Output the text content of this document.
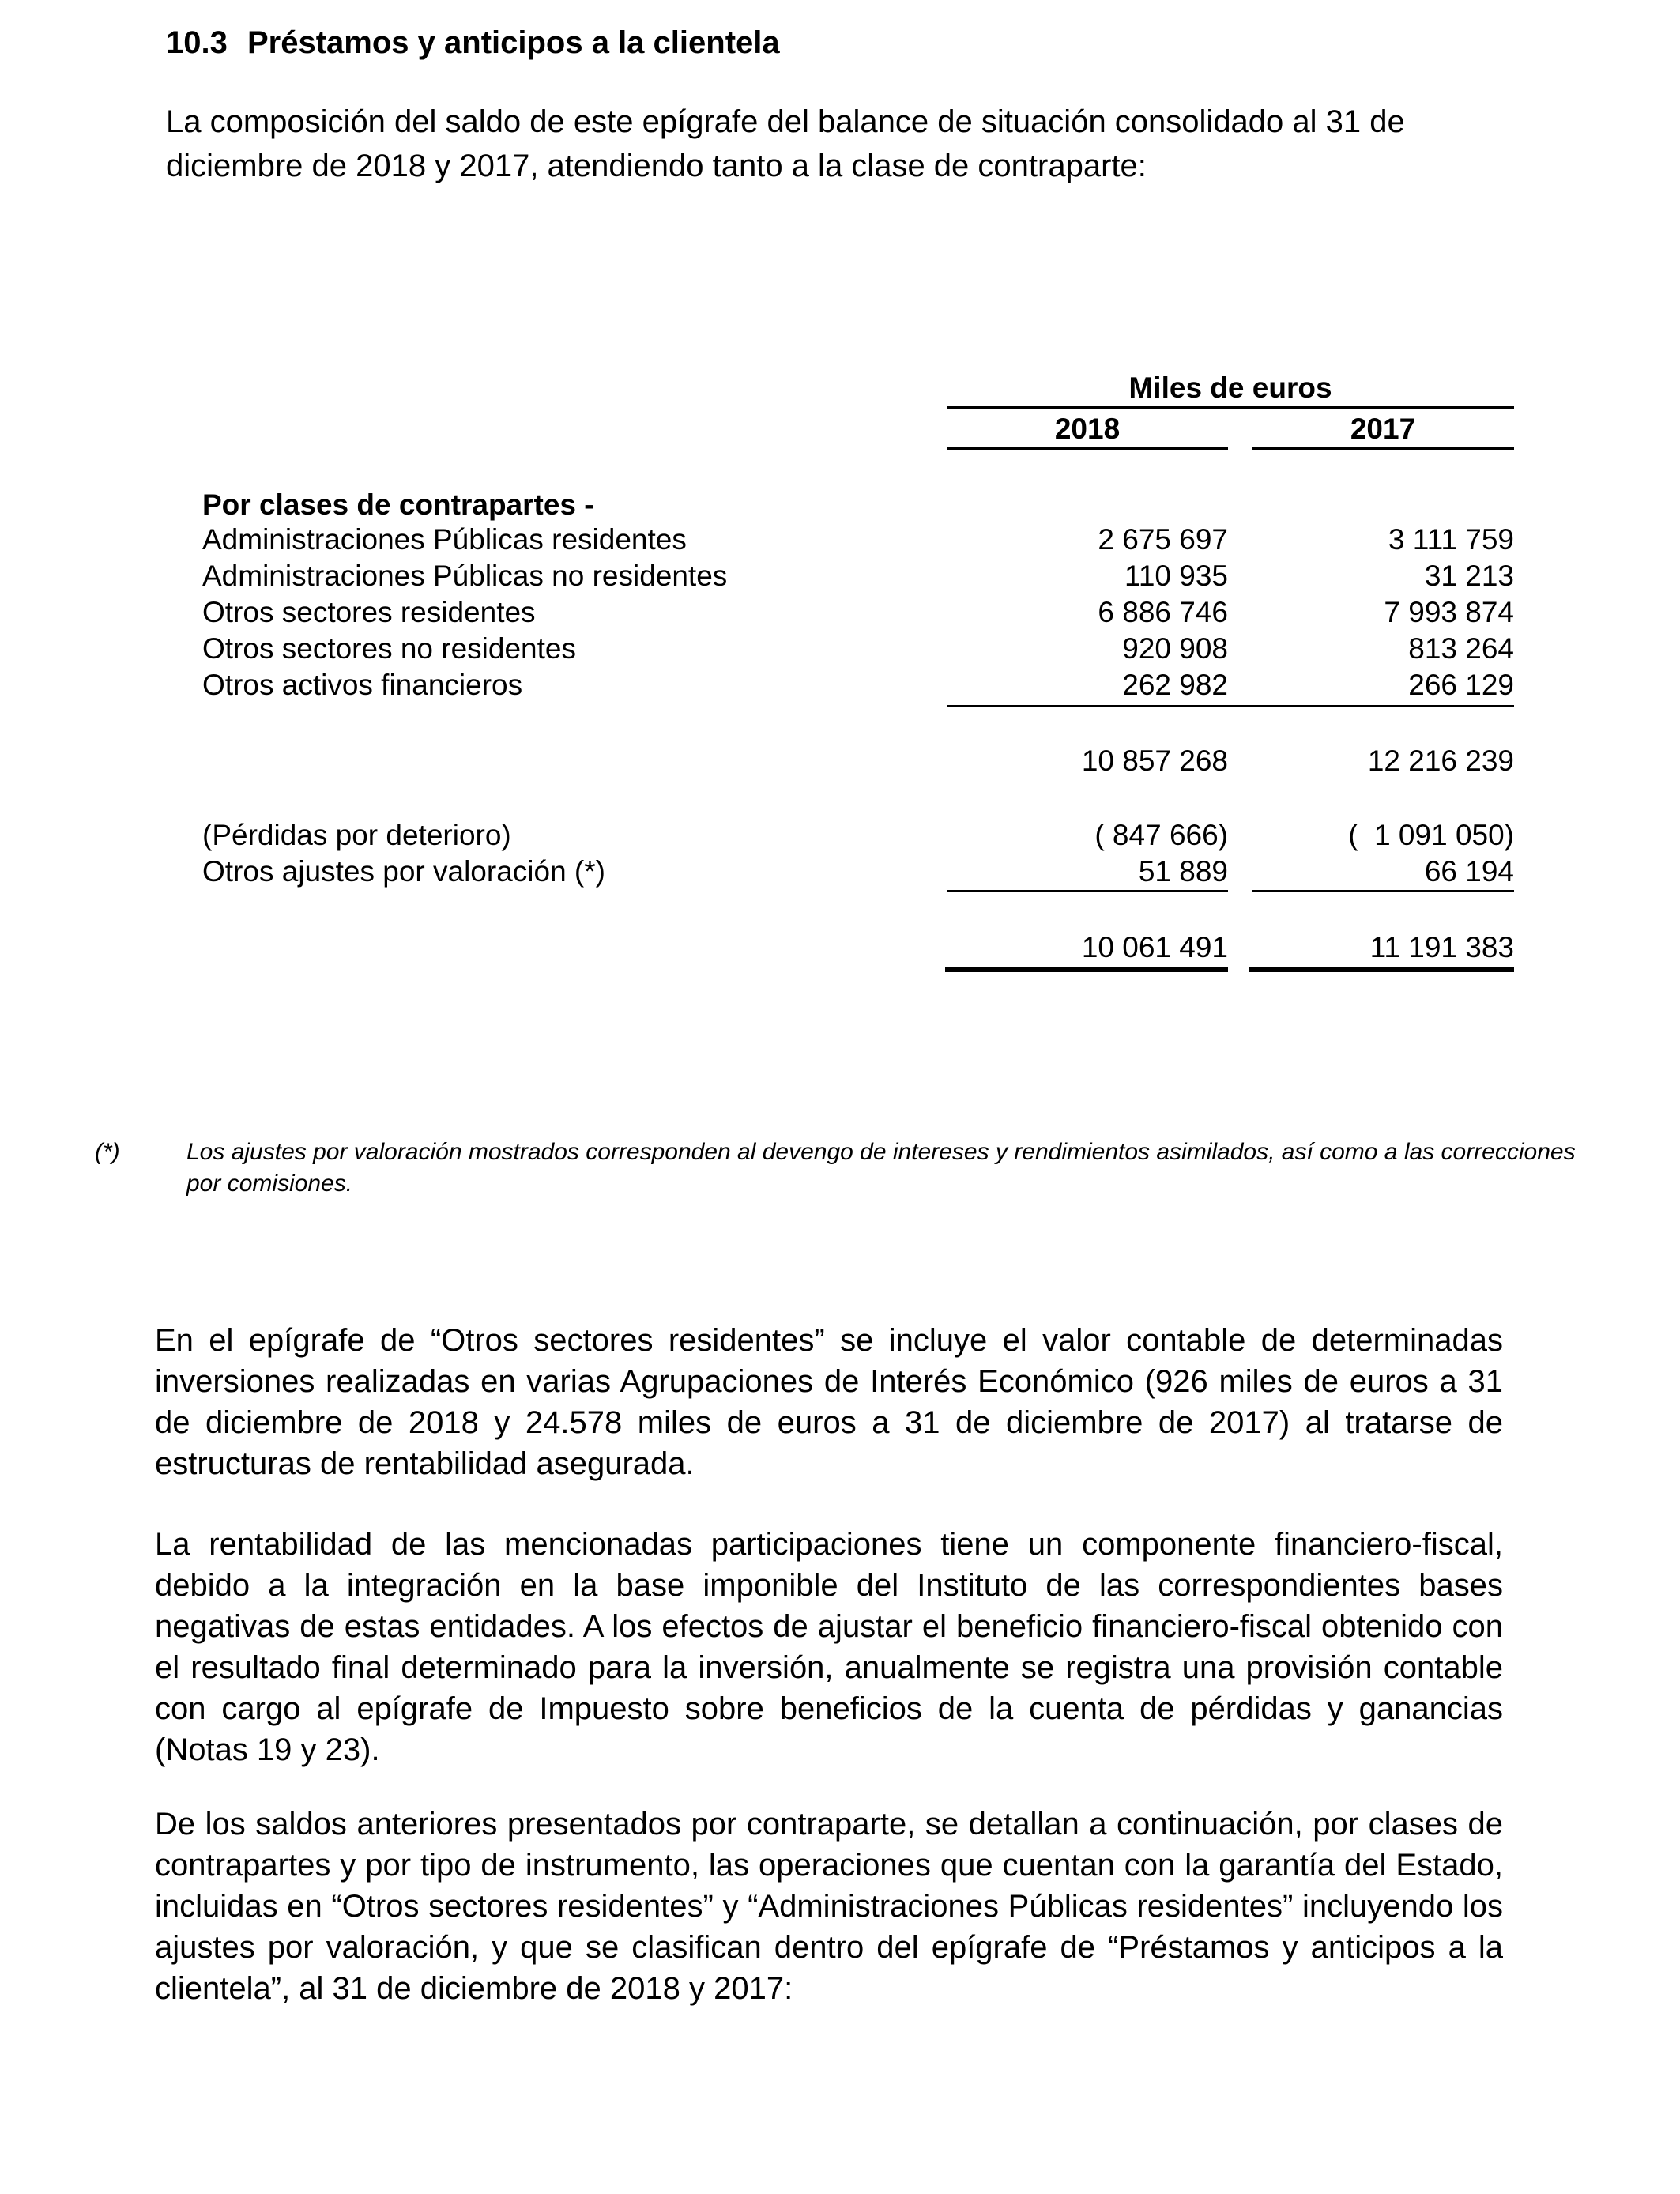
10.3 Préstamos y anticipos a la clientela
La composición del saldo de este epígrafe del balance de situación consolidado al 31 de diciembre de 2018 y 2017, atendiendo tanto a la clase de contraparte:
Miles de euros
2018	2017
Por clases de contrapartes -
Administraciones Públicas residentes	2 675 697	3 111 759
Administraciones Públicas no residentes	110 935	31 213
Otros sectores residentes	6 886 746	7 993 874
Otros sectores no residentes	920 908	813 264
Otros activos financieros	262 982	266 129
10 857 268	12 216 239
(Pérdidas por deterioro)	( 847 666)	(  1 091 050)
Otros ajustes por valoración (*)	51 889	66 194
10 061 491	11 191 383
(*)	Los ajustes por valoración mostrados corresponden al devengo de intereses y rendimientos asimilados, así como a las correcciones por comisiones.
En el epígrafe de “Otros sectores residentes” se incluye el valor contable de determinadas inversiones realizadas en varias Agrupaciones de Interés Económico (926 miles de euros a 31 de diciembre de 2018 y 24.578 miles de euros a 31 de diciembre de 2017) al tratarse de estructuras de rentabilidad asegurada.
La rentabilidad de las mencionadas participaciones tiene un componente financiero-fiscal, debido a la integración en la base imponible del Instituto de las correspondientes bases negativas de estas entidades. A los efectos de ajustar el beneficio financiero-fiscal obtenido con el resultado final determinado para la inversión, anualmente se registra una provisión contable con cargo al epígrafe de Impuesto sobre beneficios de la cuenta de pérdidas y ganancias (Notas 19 y 23).
De los saldos anteriores presentados por contraparte, se detallan a continuación, por clases de contrapartes y por tipo de instrumento, las operaciones que cuentan con la garantía del Estado, incluidas en “Otros sectores residentes” y “Administraciones Públicas residentes” incluyendo los ajustes por valoración, y que se clasifican dentro del epígrafe de “Préstamos y anticipos a la clientela”, al 31 de diciembre de 2018 y 2017:
